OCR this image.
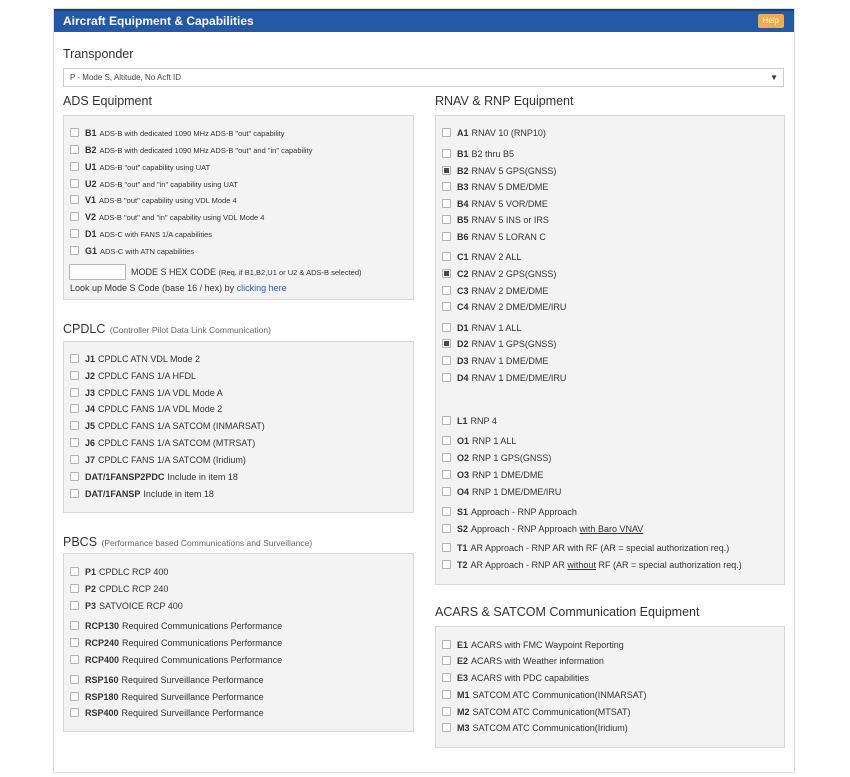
Aircraft Equipment & Capabilities	Help
Transponder
P - Mode S, Altitude, No Acft ID	▼
ADS Equipment
B1 ADS-B with dedicated 1090 MHz ADS-B "out" capability
B2 ADS-B with dedicated 1090 MHz ADS-B "out" and "in" capability
U1 ADS-B "out" capability using UAT
U2 ADS-B "out" and "in" capability using UAT
V1 ADS-B "out" capability using VDL Mode 4
V2 ADS-B "out" and "in" capability using VDL Mode 4
D1 ADS-C with FANS 1/A capabilities
G1 ADS-C with ATN capabilities
MODE S HEX CODE (Req. if B1,B2,U1 or U2 & ADS-B selected)
Look up Mode S Code (base 16 / hex) by clicking here
CPDLC (Controller Pilot Data Link Communication)
J1 CPDLC ATN VDL Mode 2
J2 CPDLC FANS 1/A HFDL
J3 CPDLC FANS 1/A VDL Mode A
J4 CPDLC FANS 1/A VDL Mode 2
J5 CPDLC FANS 1/A SATCOM (INMARSAT)
J6 CPDLC FANS 1/A SATCOM (MTRSAT)
J7 CPDLC FANS 1/A SATCOM (Iridium)
DAT/1FANSP2PDC Include in item 18
DAT/1FANSP Include in item 18
PBCS (Performance based Communications and Surveillance)
P1 CPDLC RCP 400
P2 CPDLC RCP 240
P3 SATVOICE RCP 400
RCP130 Required Communications Performance
RCP240 Required Communications Performance
RCP400 Required Communications Performance
RSP160 Required Surveillance Performance
RSP180 Required Surveillance Performance
RSP400 Required Surveillance Performance
RNAV & RNP Equipment
A1 RNAV 10 (RNP10)
B1 B2 thru B5
B2 RNAV 5 GPS(GNSS)
B3 RNAV 5 DME/DME
B4 RNAV 5 VOR/DME
B5 RNAV 5 INS or IRS
B6 RNAV 5 LORAN C
C1 RNAV 2 ALL
C2 RNAV 2 GPS(GNSS)
C3 RNAV 2 DME/DME
C4 RNAV 2 DME/DME/IRU
D1 RNAV 1 ALL
D2 RNAV 1 GPS(GNSS)
D3 RNAV 1 DME/DME
D4 RNAV 1 DME/DME/IRU
L1 RNP 4
O1 RNP 1 ALL
O2 RNP 1 GPS(GNSS)
O3 RNP 1 DME/DME
O4 RNP 1 DME/DME/IRU
S1 Approach - RNP Approach
S2 Approach - RNP Approach with Baro VNAV
T1 AR Approach - RNP AR with RF (AR = special authorization req.)
T2 AR Approach - RNP AR without RF (AR = special authorization req.)
ACARS & SATCOM Communication Equipment
E1 ACARS with FMC Waypoint Reporting
E2 ACARS with Weather information
E3 ACARS with PDC capabilities
M1 SATCOM ATC Communication(INMARSAT)
M2 SATCOM ATC Communication(MTSAT)
M3 SATCOM ATC Communication(Iridium)
